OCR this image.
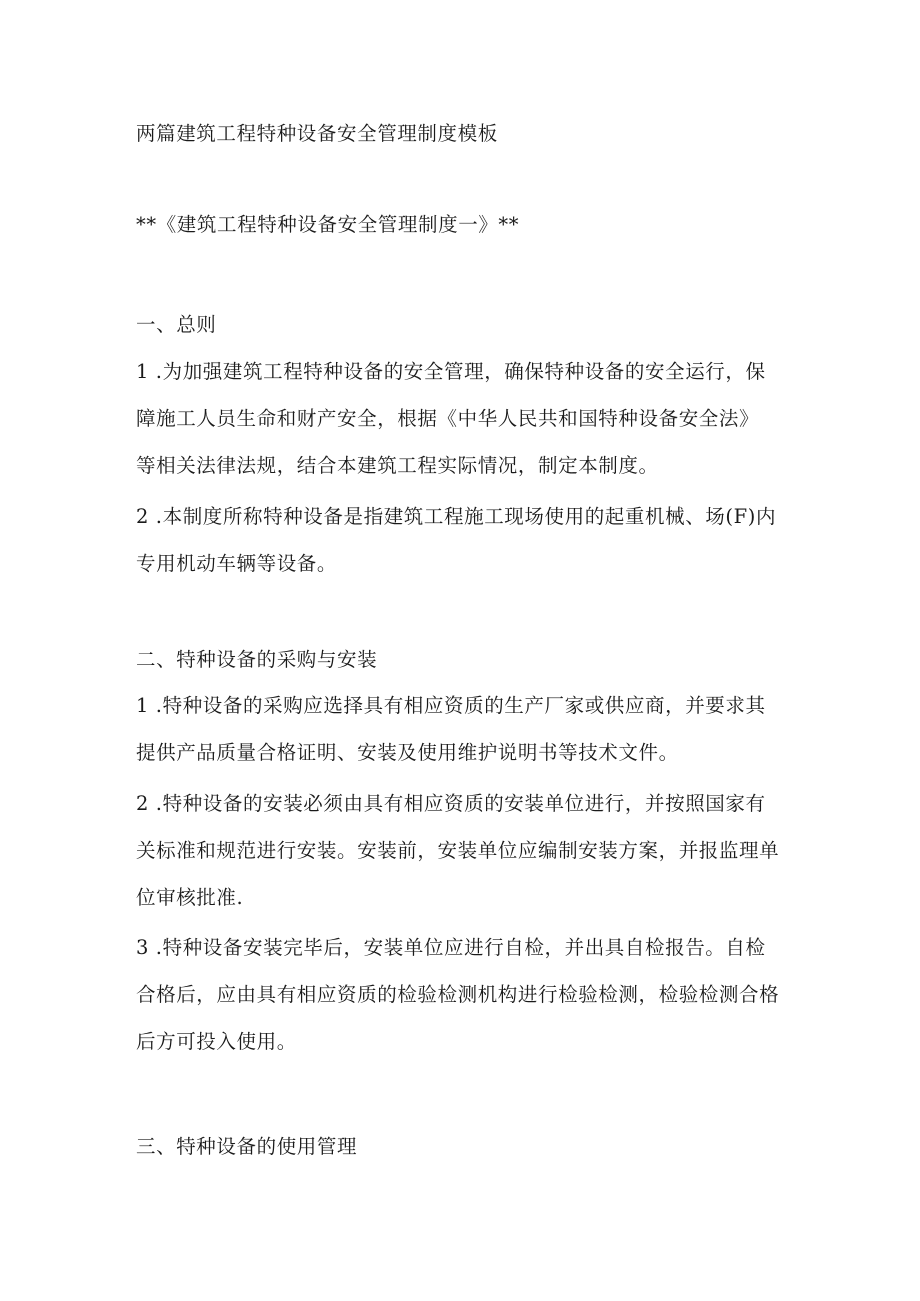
两篇建筑工程特种设备安全管理制度模板
**《建筑工程特种设备安全管理制度一》**
一、总则
1 .为加强建筑工程特种设备的安全管理，确保特种设备的安全运行，保
障施工人员生命和财产安全，根据《中华人民共和国特种设备安全法》
等相关法律法规，结合本建筑工程实际情况，制定本制度。
2 .本制度所称特种设备是指建筑工程施工现场使用的起重机械、场(F)内
专用机动车辆等设备。
二、特种设备的采购与安装
1 .特种设备的采购应选择具有相应资质的生产厂家或供应商，并要求其
提供产品质量合格证明、安装及使用维护说明书等技术文件。
2 .特种设备的安装必须由具有相应资质的安装单位进行，并按照国家有
关标准和规范进行安装。安装前，安装单位应编制安装方案，并报监理单
位审核批准.
3 .特种设备安装完毕后，安装单位应进行自检，并出具自检报告。自检
合格后，应由具有相应资质的检验检测机构进行检验检测，检验检测合格
后方可投入使用。
三、特种设备的使用管理
